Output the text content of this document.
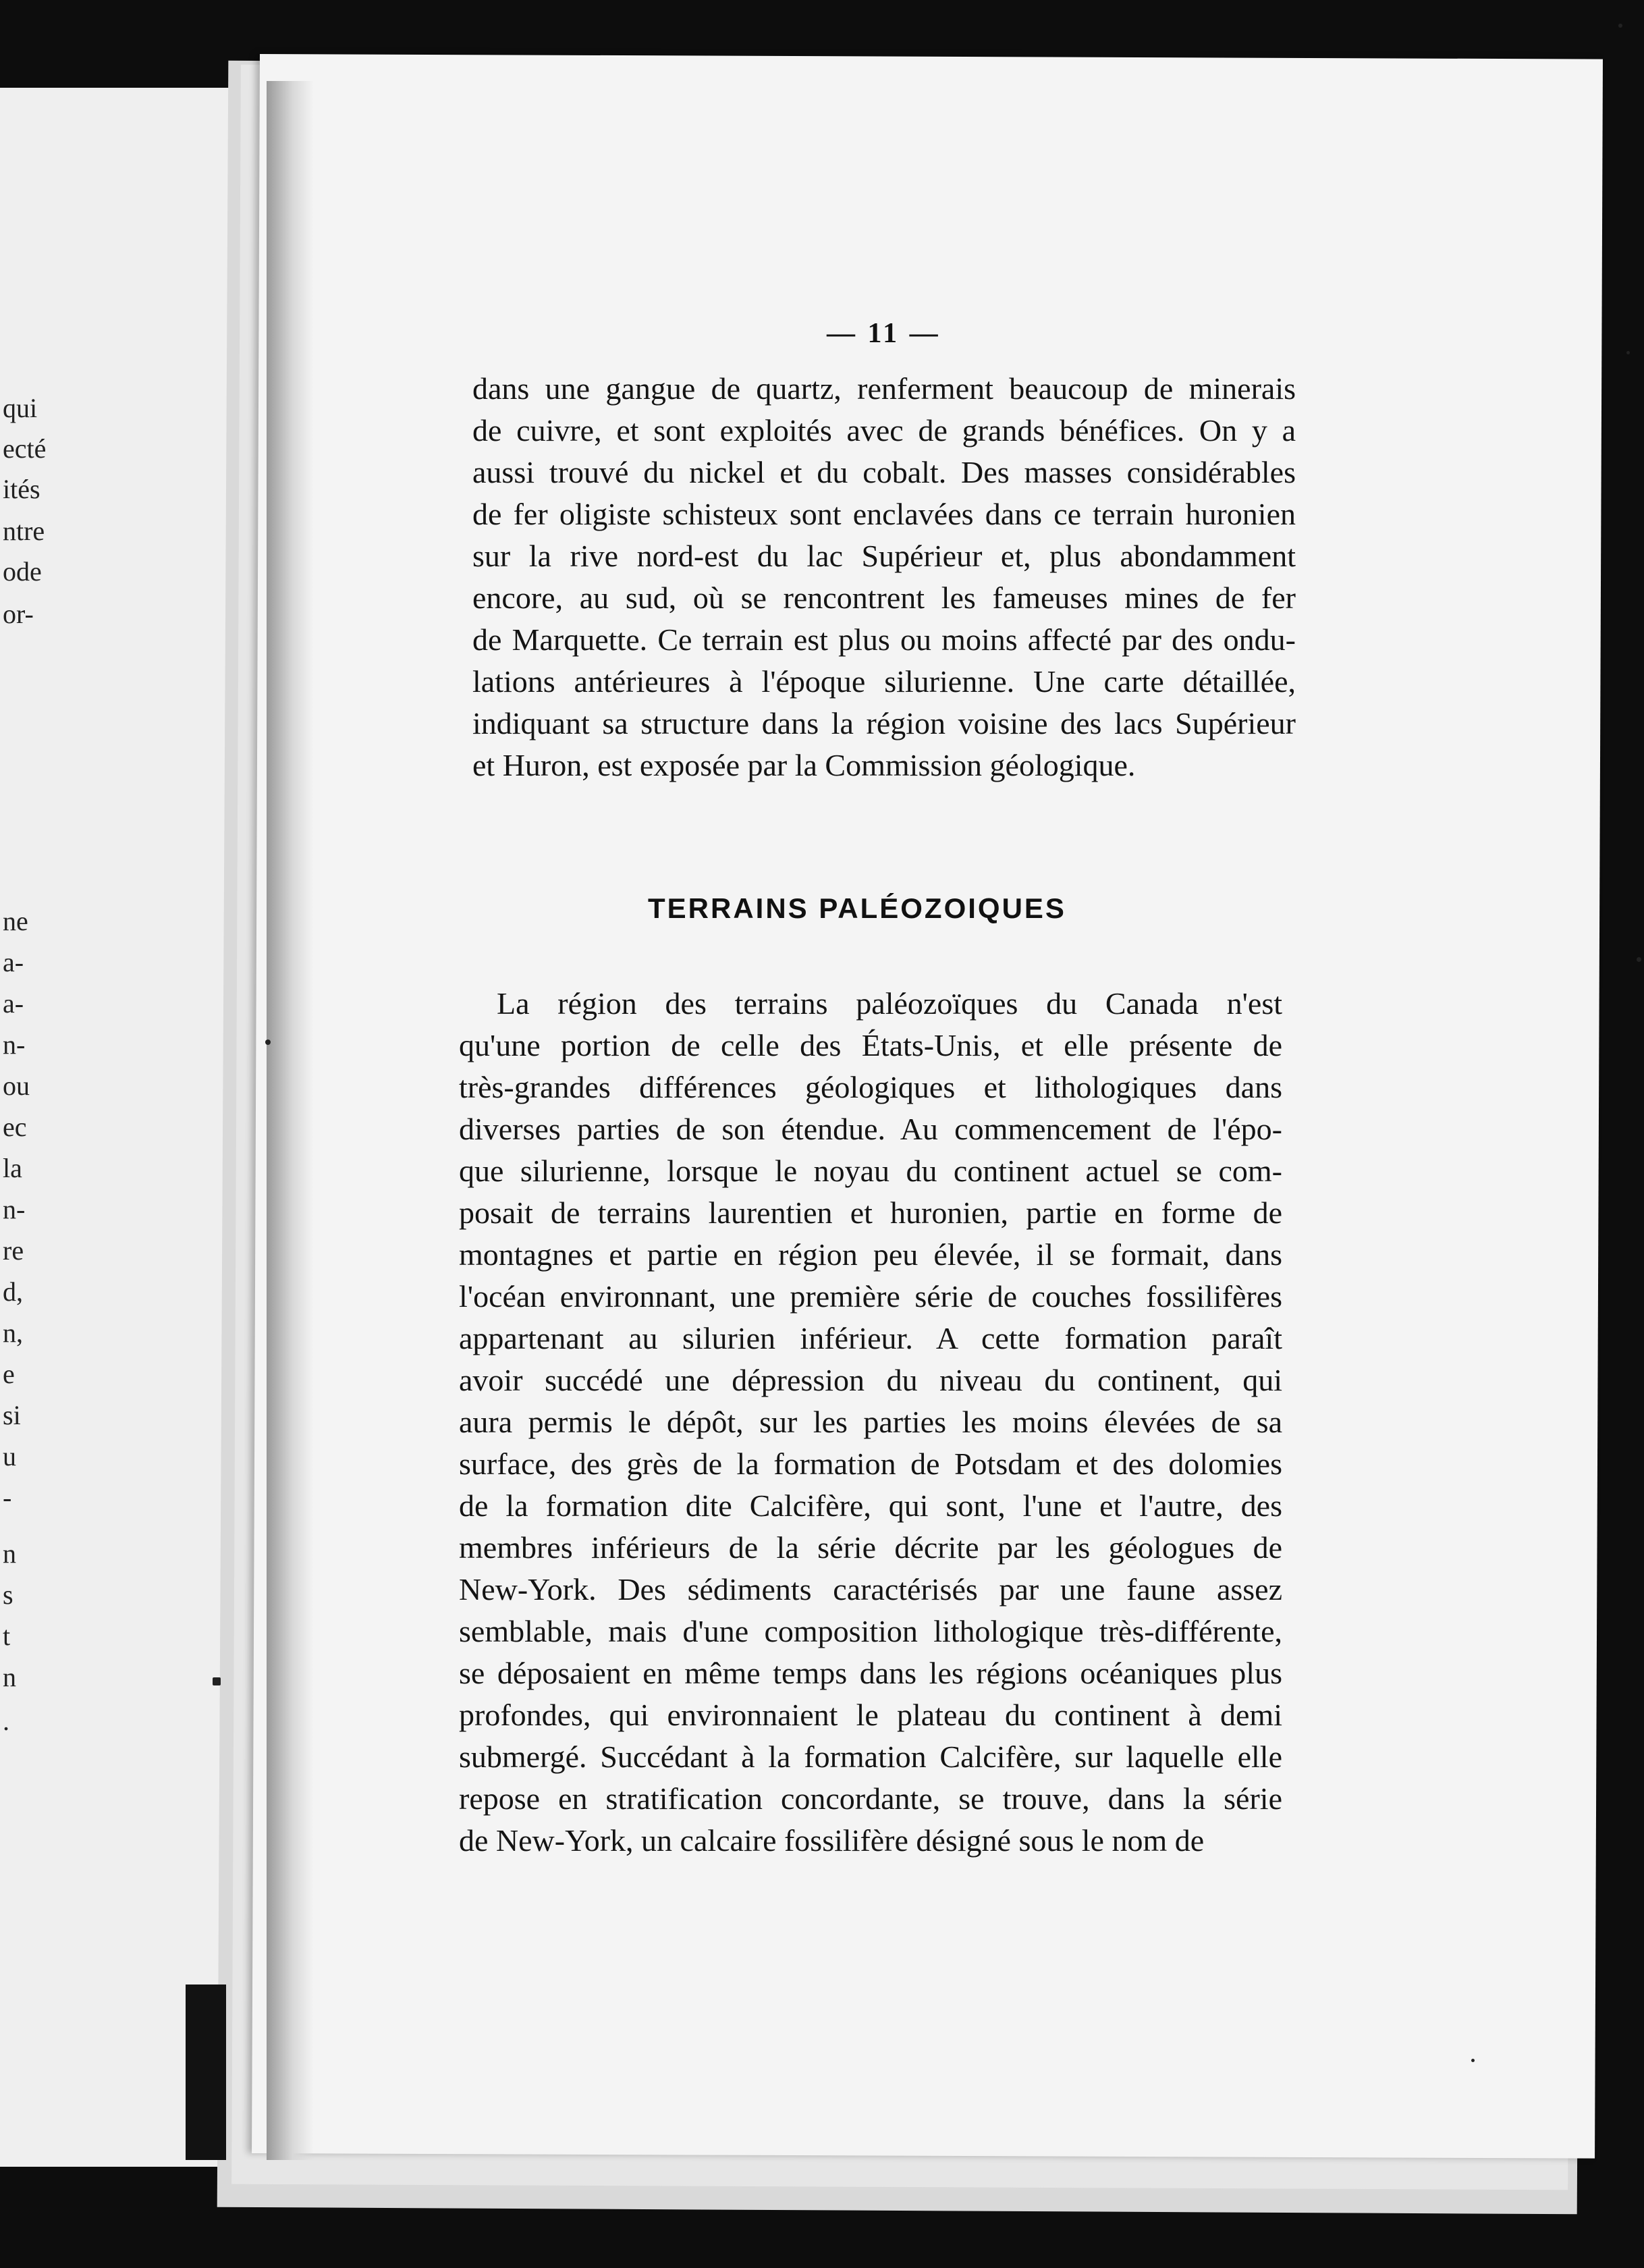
qui
ecté
ités
ntre
ode
or-
ne
a-
a-
n-
ou
ec
la
n-
re
d,
n,
e
si
u
-
n
s
t
n
.
— 11 —

dans une gangue de quartz, renferment beaucoup de minerais
de cuivre, et sont exploités avec de grands bénéfices. On y a
aussi trouvé du nickel et du cobalt. Des masses considérables
de fer oligiste schisteux sont enclavées dans ce terrain huronien
sur la rive nord-est du lac Supérieur et, plus abondamment
encore, au sud, où se rencontrent les fameuses mines de fer
de Marquette. Ce terrain est plus ou moins affecté par des ondu-
lations antérieures à l'époque silurienne. Une carte détaillée,
indiquant sa structure dans la région voisine des lacs Supérieur
et Huron, est exposée par la Commission géologique.

TERRAINS PALÉOZOIQUES

La région des terrains paléozoïques du Canada n'est
qu'une portion de celle des États-Unis, et elle présente de
très-grandes différences géologiques et lithologiques dans
diverses parties de son étendue. Au commencement de l'épo-
que silurienne, lorsque le noyau du continent actuel se com-
posait de terrains laurentien et huronien, partie en forme de
montagnes et partie en région peu élevée, il se formait, dans
l'océan environnant, une première série de couches fossilifères
appartenant au silurien inférieur. A cette formation paraît
avoir succédé une dépression du niveau du continent, qui
aura permis le dépôt, sur les parties les moins élevées de sa
surface, des grès de la formation de Potsdam et des dolomies
de la formation dite Calcifère, qui sont, l'une et l'autre, des
membres inférieurs de la série décrite par les géologues de
New-York. Des sédiments caractérisés par une faune assez
semblable, mais d'une composition lithologique très-différente,
se déposaient en même temps dans les régions océaniques plus
profondes, qui environnaient le plateau du continent à demi
submergé. Succédant à la formation Calcifère, sur laquelle elle
repose en stratification concordante, se trouve, dans la série
de New-York, un calcaire fossilifère désigné sous le nom de
